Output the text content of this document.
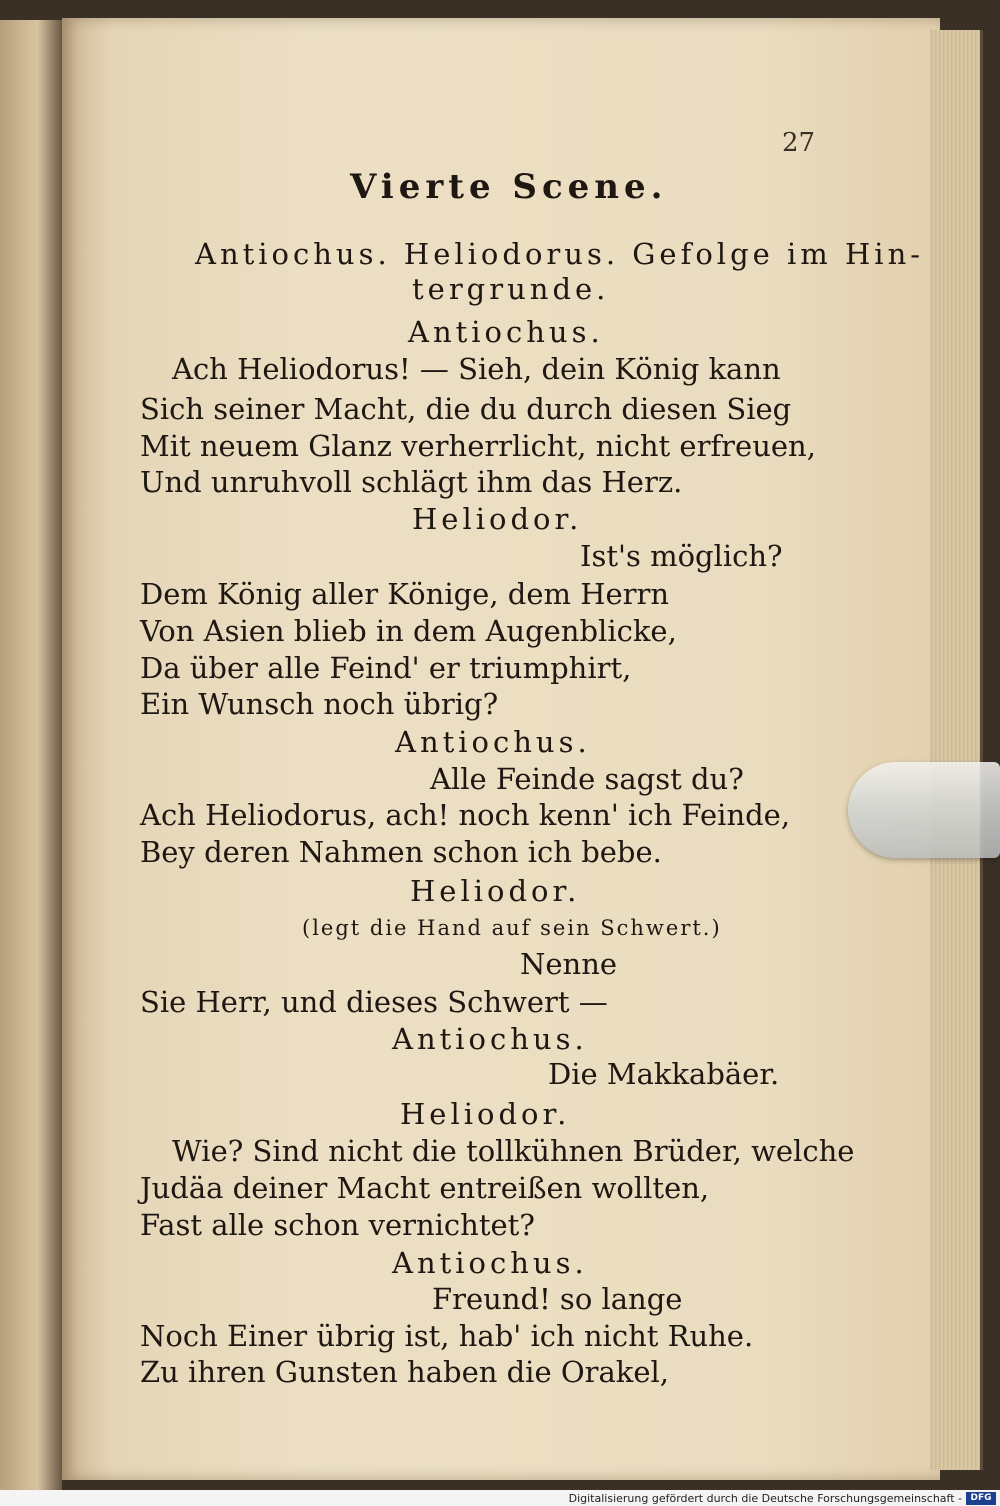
27
Vierte Scene.
Antiochus. Heliodorus. Gefolge im Hin-
tergrunde.
Antiochus.
Ach Heliodorus! — Sieh, dein König kann
Sich seiner Macht, die du durch diesen Sieg
Mit neuem Glanz verherrlicht, nicht erfreuen,
Und unruhvoll schlägt ihm das Herz.
Heliodor.
Ist's möglich?
Dem König aller Könige, dem Herrn
Von Asien blieb in dem Augenblicke,
Da über alle Feind' er triumphirt,
Ein Wunsch noch übrig?
Antiochus.
Alle Feinde sagst du?
Ach Heliodorus, ach! noch kenn' ich Feinde,
Bey deren Nahmen schon ich bebe.
Heliodor.
(legt die Hand auf sein Schwert.)
Nenne
Sie Herr, und dieses Schwert —
Antiochus.
Die Makkabäer.
Heliodor.
Wie? Sind nicht die tollkühnen Brüder, welche
Judäa deiner Macht entreißen wollten,
Fast alle schon vernichtet?
Antiochus.
Freund! so lange
Noch Einer übrig ist, hab' ich nicht Ruhe.
Zu ihren Gunsten haben die Orakel,
Digitalisierung gefördert durch die Deutsche Forschungsgemeinschaft - DFG
